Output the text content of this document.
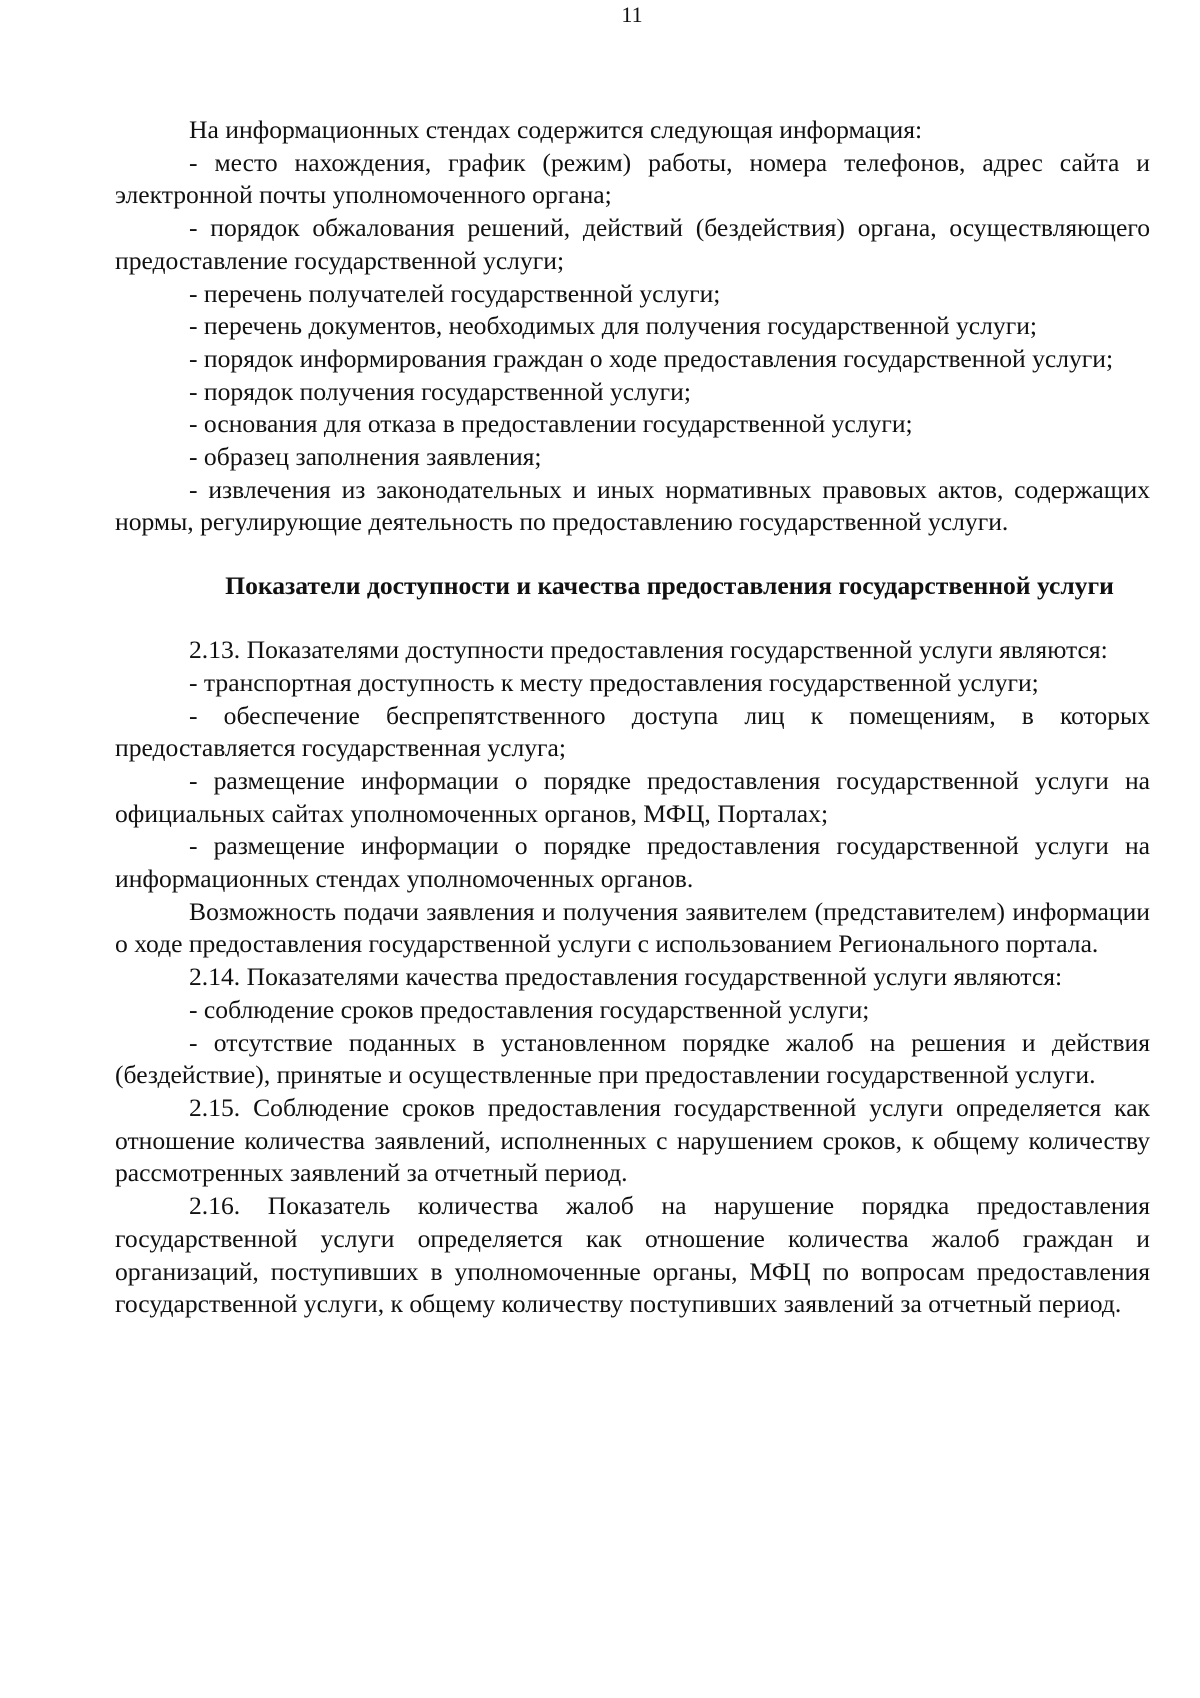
11

На информационных стендах содержится следующая информация:

- место нахождения, график (режим) работы, номера телефонов, адрес сайта и электронной почты уполномоченного органа;

- порядок обжалования решений, действий (бездействия) органа, осуществляющего предоставление государственной услуги;

- перечень получателей государственной услуги;

- перечень документов, необходимых для получения государственной услуги;

- порядок информирования граждан о ходе предоставления государственной услуги;

- порядок получения государственной услуги;

- основания для отказа в предоставлении государственной услуги;

- образец заполнения заявления;

- извлечения из законодательных и иных нормативных правовых актов, содержащих нормы, регулирующие деятельность по предоставлению государственной услуги.

Показатели доступности и качества предоставления государственной услуги

2.13. Показателями доступности предоставления государственной услуги являются:

- транспортная доступность к месту предоставления государственной услуги;

- обеспечение беспрепятственного доступа лиц к помещениям, в которых предоставляется государственная услуга;

- размещение информации о порядке предоставления государственной услуги на официальных сайтах уполномоченных органов, МФЦ, Порталах;

- размещение информации о порядке предоставления государственной услуги на информационных стендах уполномоченных органов.

Возможность подачи заявления и получения заявителем (представителем) информации о ходе предоставления государственной услуги с использованием Регионального портала.

2.14. Показателями качества предоставления государственной услуги являются:

- соблюдение сроков предоставления государственной услуги;

- отсутствие поданных в установленном порядке жалоб на решения и действия (бездействие), принятые и осуществленные при предоставлении государственной услуги.

2.15. Соблюдение сроков предоставления государственной услуги определяется как отношение количества заявлений, исполненных с нарушением сроков, к общему количеству рассмотренных заявлений за отчетный период.

2.16. Показатель количества жалоб на нарушение порядка предоставления государственной услуги определяется как отношение количества жалоб граждан и организаций, поступивших в уполномоченные органы, МФЦ по вопросам предоставления государственной услуги, к общему количеству поступивших заявлений за отчетный период.
